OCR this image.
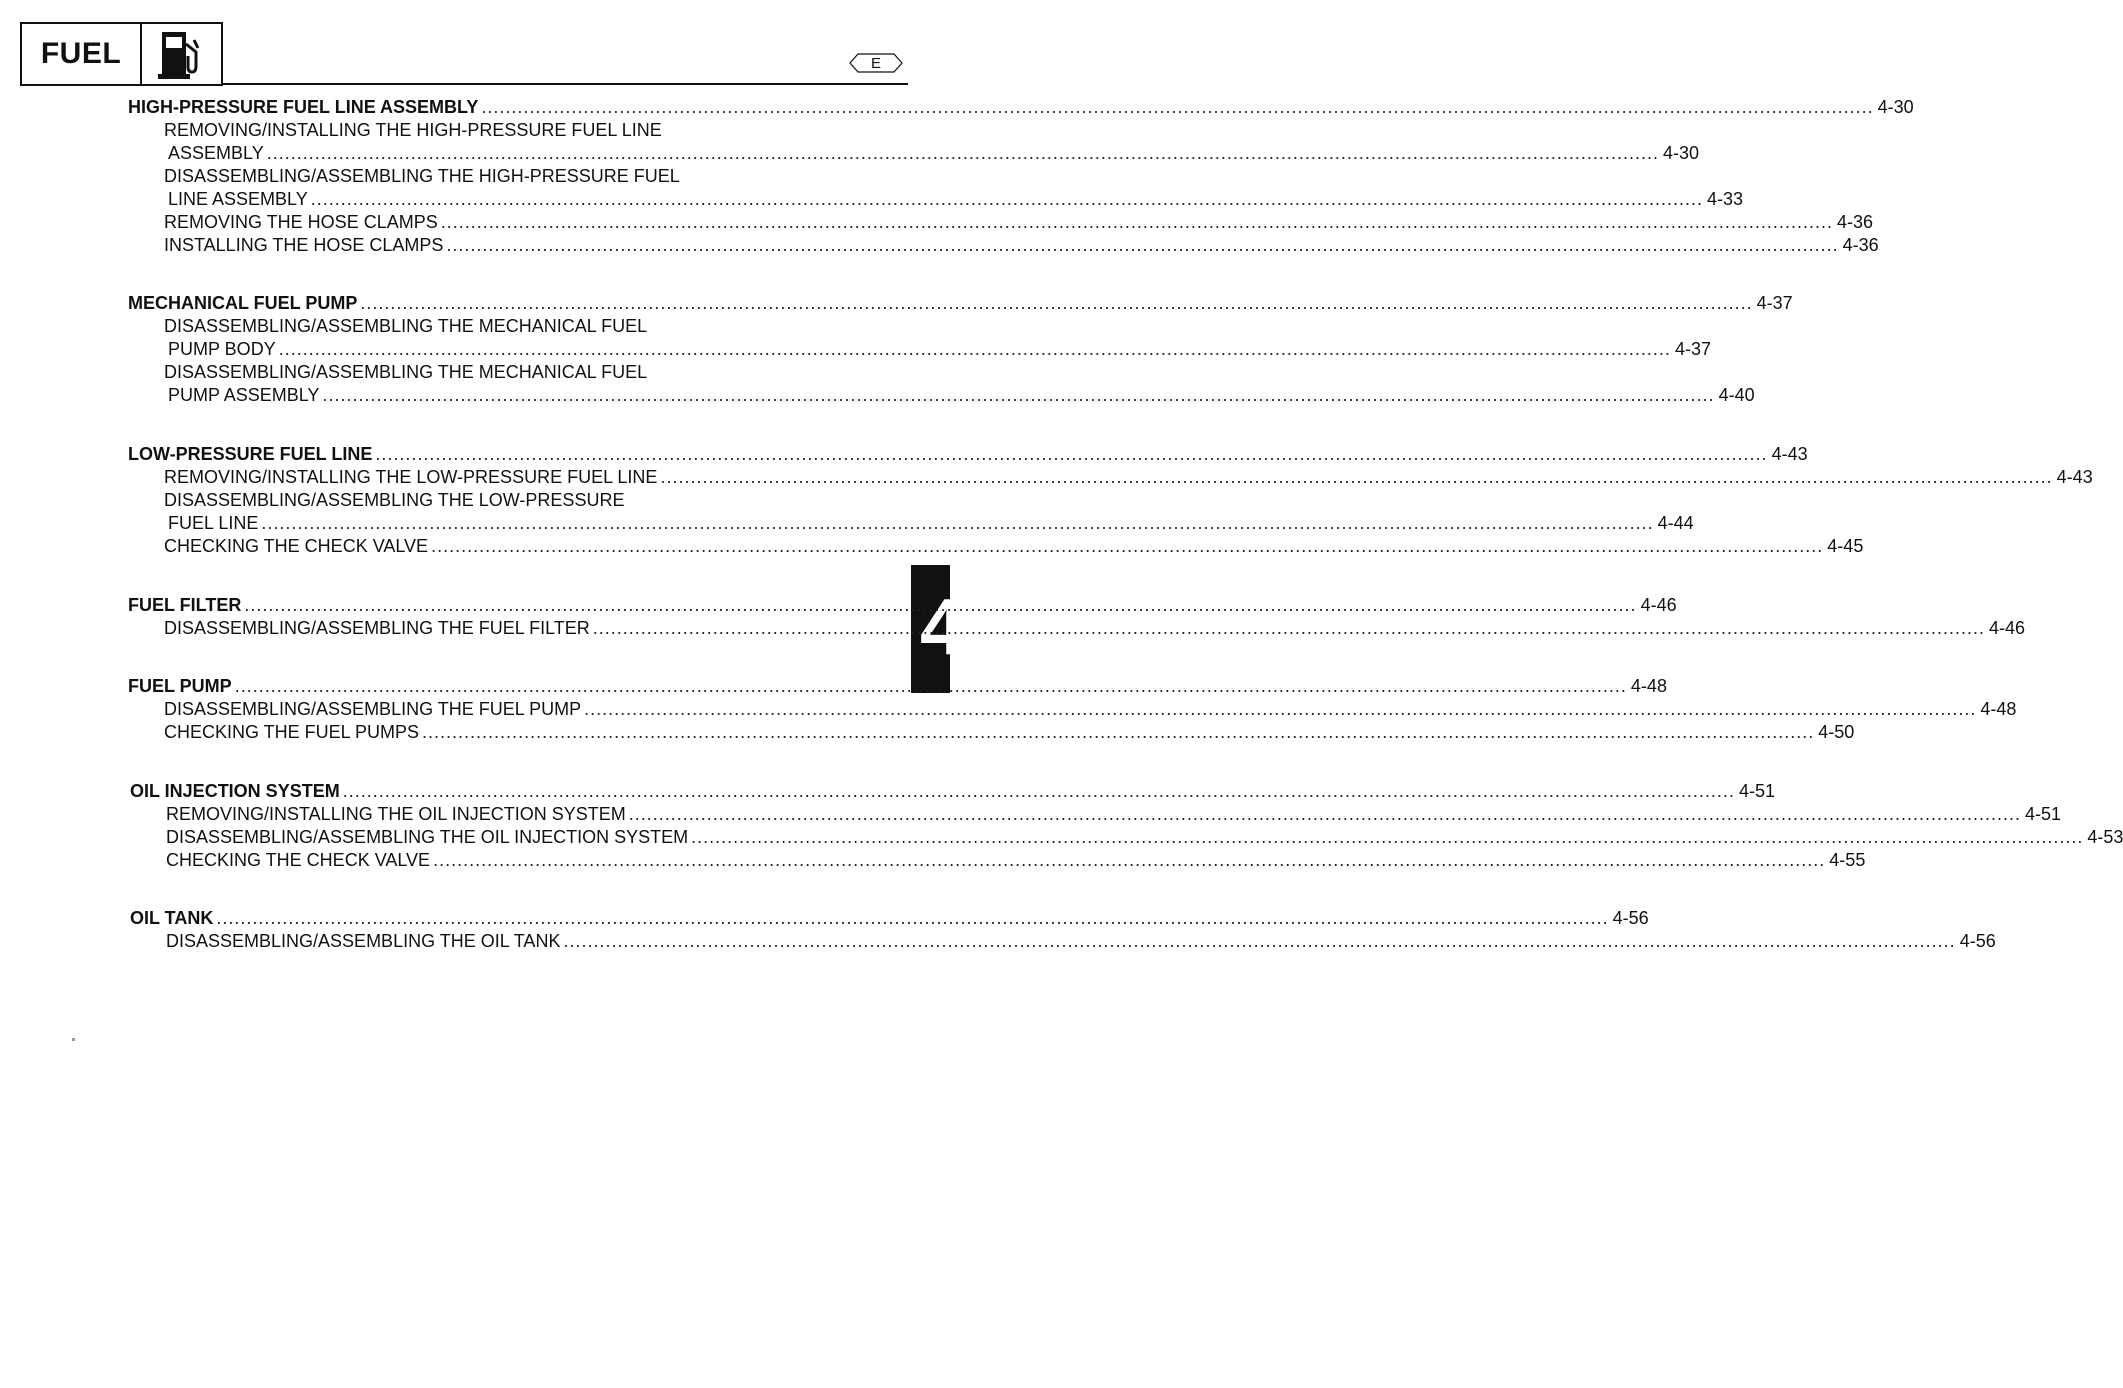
FUEL	E
4
HIGH-PRESSURE FUEL LINE ASSEMBLY .....	4-30
REMOVING/INSTALLING THE HIGH-PRESSURE FUEL LINE
ASSEMBLY .....	4-30
DISASSEMBLING/ASSEMBLING THE HIGH-PRESSURE FUEL
LINE ASSEMBLY .....	4-33
REMOVING THE HOSE CLAMPS .....	4-36
INSTALLING THE HOSE CLAMPS .....	4-36
MECHANICAL FUEL PUMP .....	4-37
DISASSEMBLING/ASSEMBLING THE MECHANICAL FUEL
PUMP BODY .....	4-37
DISASSEMBLING/ASSEMBLING THE MECHANICAL FUEL
PUMP ASSEMBLY .....	4-40
LOW-PRESSURE FUEL LINE .....	4-43
REMOVING/INSTALLING THE LOW-PRESSURE FUEL LINE .....	4-43
DISASSEMBLING/ASSEMBLING THE LOW-PRESSURE
FUEL LINE .....	4-44
CHECKING THE CHECK VALVE .....	4-45
FUEL FILTER .....	4-46
DISASSEMBLING/ASSEMBLING THE FUEL FILTER .....	4-46
FUEL PUMP .....	4-48
DISASSEMBLING/ASSEMBLING THE FUEL PUMP .....	4-48
CHECKING THE FUEL PUMPS .....	4-50
OIL INJECTION SYSTEM .....	4-51
REMOVING/INSTALLING THE OIL INJECTION SYSTEM .....	4-51
DISASSEMBLING/ASSEMBLING THE OIL INJECTION SYSTEM .....	4-53
CHECKING THE CHECK VALVE .....	4-55
OIL TANK .....	4-56
DISASSEMBLING/ASSEMBLING THE OIL TANK .....	4-56
